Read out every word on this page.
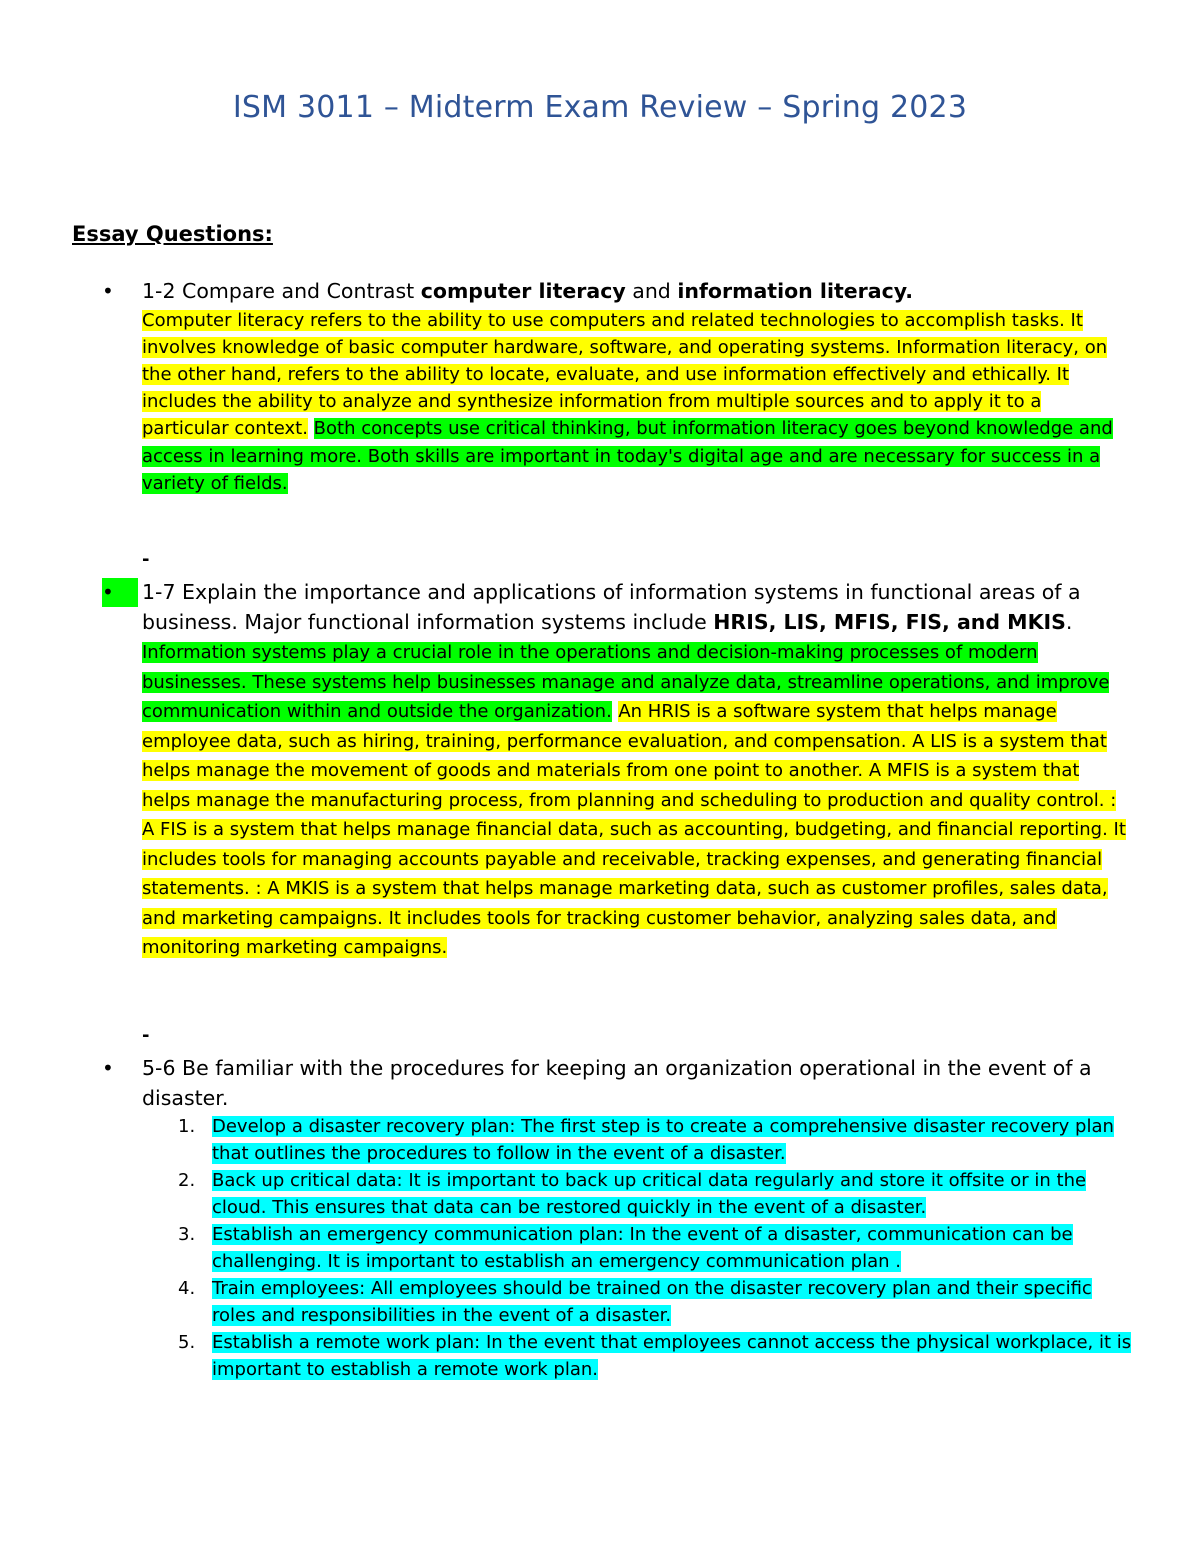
ISM 3011 – Midterm Exam Review – Spring 2023
Essay Questions:
• 1-2 Compare and Contrast computer literacy and information literacy.
Computer literacy refers to the ability to use computers and related technologies to accomplish tasks. It involves knowledge of basic computer hardware, software, and operating systems. Information literacy, on the other hand, refers to the ability to locate, evaluate, and use information effectively and ethically. It includes the ability to analyze and synthesize information from multiple sources and to apply it to a particular context. Both concepts use critical thinking, but information literacy goes beyond knowledge and access in learning more. Both skills are important in today's digital age and are necessary for success in a variety of fields.
-
•	1-7 Explain the importance and applications of information systems in functional areas of a business. Major functional information systems include HRIS, LIS, MFIS, FIS, and MKIS. Information systems play a crucial role in the operations and decision-making processes of modern businesses. These systems help businesses manage and analyze data, streamline operations, and improve communication within and outside the organization. An HRIS is a software system that helps manage employee data, such as hiring, training, performance evaluation, and compensation. A LIS is a system that helps manage the movement of goods and materials from one point to another. A MFIS is a system that helps manage the manufacturing process, from planning and scheduling to production and quality control. : A FIS is a system that helps manage financial data, such as accounting, budgeting, and financial reporting. It includes tools for managing accounts payable and receivable, tracking expenses, and generating financial statements. : A MKIS is a system that helps manage marketing data, such as customer profiles, sales data, and marketing campaigns. It includes tools for tracking customer behavior, analyzing sales data, and monitoring marketing campaigns.
-
• 5-6 Be familiar with the procedures for keeping an organization operational in the event of a disaster.
1. Develop a disaster recovery plan: The first step is to create a comprehensive disaster recovery plan that outlines the procedures to follow in the event of a disaster.
2. Back up critical data: It is important to back up critical data regularly and store it offsite or in the cloud. This ensures that data can be restored quickly in the event of a disaster.
3. Establish an emergency communication plan: In the event of a disaster, communication can be challenging. It is important to establish an emergency communication plan .
4. Train employees: All employees should be trained on the disaster recovery plan and their specific roles and responsibilities in the event of a disaster.
5. Establish a remote work plan: In the event that employees cannot access the physical workplace, it is important to establish a remote work plan.
